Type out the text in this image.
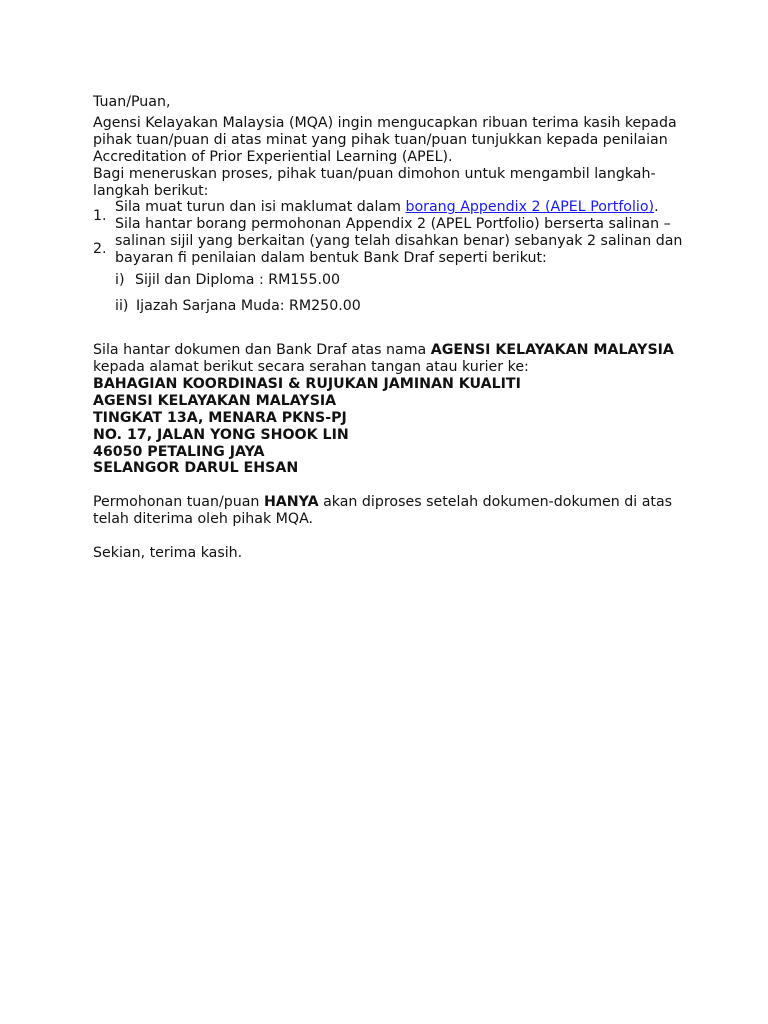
Tuan/Puan,

Agensi Kelayakan Malaysia (MQA) ingin mengucapkan ribuan terima kasih kepada pihak tuan/puan di atas minat yang pihak tuan/puan tunjukkan kepada penilaian Accreditation of Prior Experiential Learning (APEL).

Bagi meneruskan proses, pihak tuan/puan dimohon untuk mengambil langkah-langkah berikut:

1.
Sila muat turun dan isi maklumat dalam borang Appendix 2 (APEL Portfolio).
2.
Sila hantar borang permohonan Appendix 2 (APEL Portfolio) berserta salinan – salinan sijil yang berkaitan (yang telah disahkan benar) sebanyak 2 salinan dan bayaran fi penilaian dalam bentuk Bank Draf seperti berikut:
i) Sijil dan Diploma : RM155.00
ii) Ijazah Sarjana Muda: RM250.00

Sila hantar dokumen dan Bank Draf atas nama AGENSI KELAYAKAN MALAYSIA kepada alamat berikut secara serahan tangan atau kurier ke:

BAHAGIAN KOORDINASI & RUJUKAN JAMINAN KUALITI
AGENSI KELAYAKAN MALAYSIA
TINGKAT 13A, MENARA PKNS-PJ
NO. 17, JALAN YONG SHOOK LIN
46050 PETALING JAYA
SELANGOR DARUL EHSAN

Permohonan tuan/puan HANYA akan diproses setelah dokumen-dokumen di atas telah diterima oleh pihak MQA.

Sekian, terima kasih.
